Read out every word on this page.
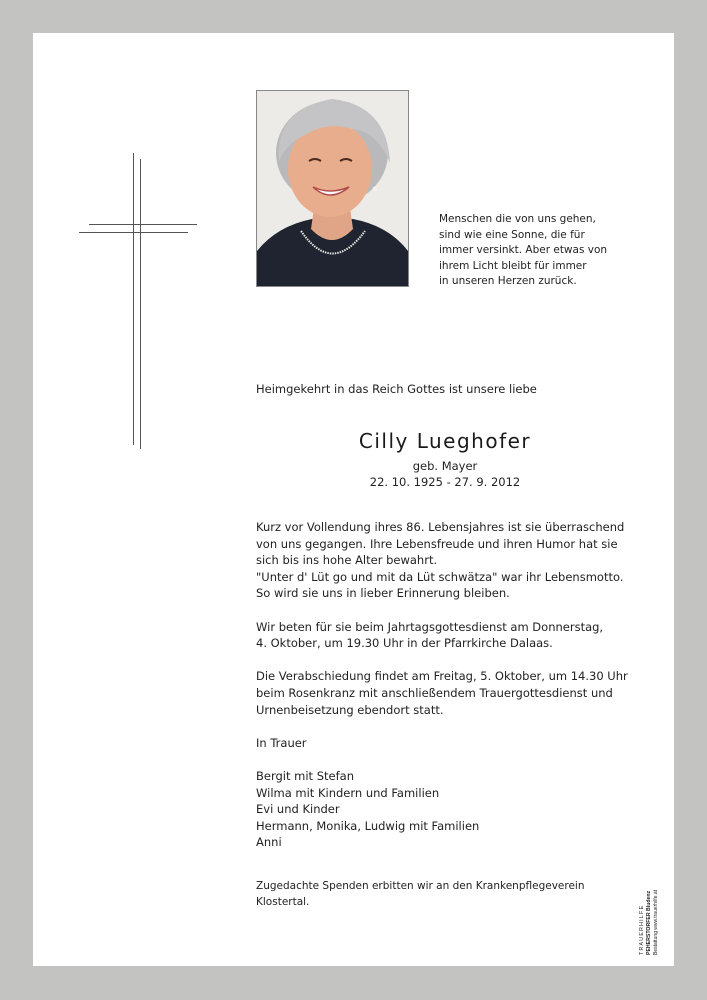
Menschen die von uns gehen,
sind wie eine Sonne, die für
immer versinkt. Aber etwas von
ihrem Licht bleibt für immer
in unseren Herzen zurück.
Heimgekehrt in das Reich Gottes ist unsere liebe
Cilly Lueghofer
geb. Mayer
22. 10. 1925 - 27. 9. 2012
Kurz vor Vollendung ihres 86. Lebensjahres ist sie überraschend
von uns gegangen. Ihre Lebensfreude und ihren Humor hat sie
sich bis ins hohe Alter bewahrt.
"Unter d' Lüt go und mit da Lüt schwätza" war ihr Lebensmotto.
So wird sie uns in lieber Erinnerung bleiben.
Wir beten für sie beim Jahrtagsgottesdienst am Donnerstag,
4. Oktober, um 19.30 Uhr in der Pfarrkirche Dalaas.
Die Verabschiedung findet am Freitag, 5. Oktober, um 14.30 Uhr
beim Rosenkranz mit anschließendem Trauergottesdienst und
Urnenbeisetzung ebendort statt.
In Trauer
Bergit mit Stefan
Wilma mit Kindern und Familien
Evi und Kinder
Hermann, Monika, Ludwig mit Familien
Anni
Zugedachte Spenden erbitten wir an den Krankenpflegeverein
Klostertal.
TRAUERHILFE PEHERSTORFER Bludenz Bestattung www.trauerhilfe.at
